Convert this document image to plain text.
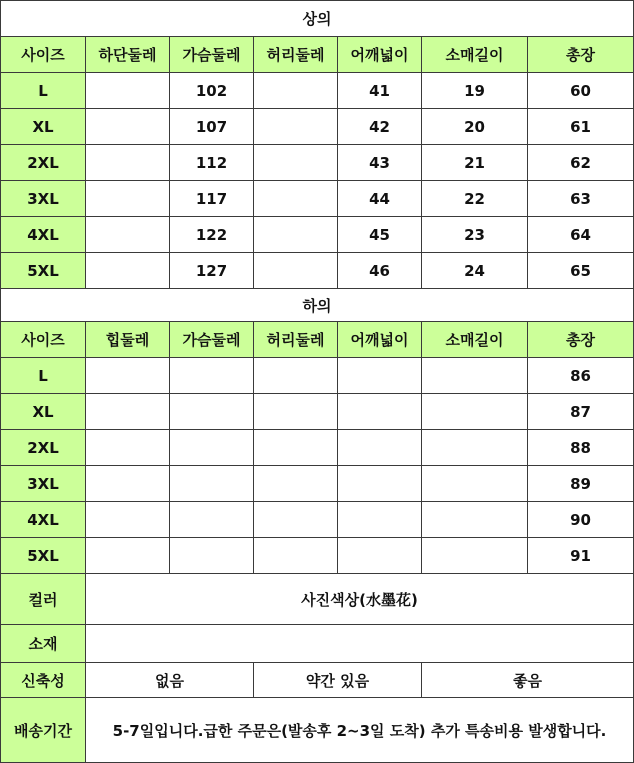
상의						
사이즈	하단둘레	가슴둘레	허리둘레	어깨넓이	소매길이	총장
L		102		41	19	60
XL		107		42	20	61
2XL		112		43	21	62
3XL		117		44	22	63
4XL		122		45	23	64
5XL		127		46	24	65
하의						
사이즈	힙둘레	가슴둘레	허리둘레	어깨넓이	소매길이	총장
L						86
XL						87
2XL						88
3XL						89
4XL						90
5XL						91
컬러	사진색상(水墨花)					
소재						
신축성	없음		약간 있음		좋음	
배송기간	5-7일입니다.급한 주문은(발송후 2~3일 도착) 추가 특송비용 발생합니다.					
